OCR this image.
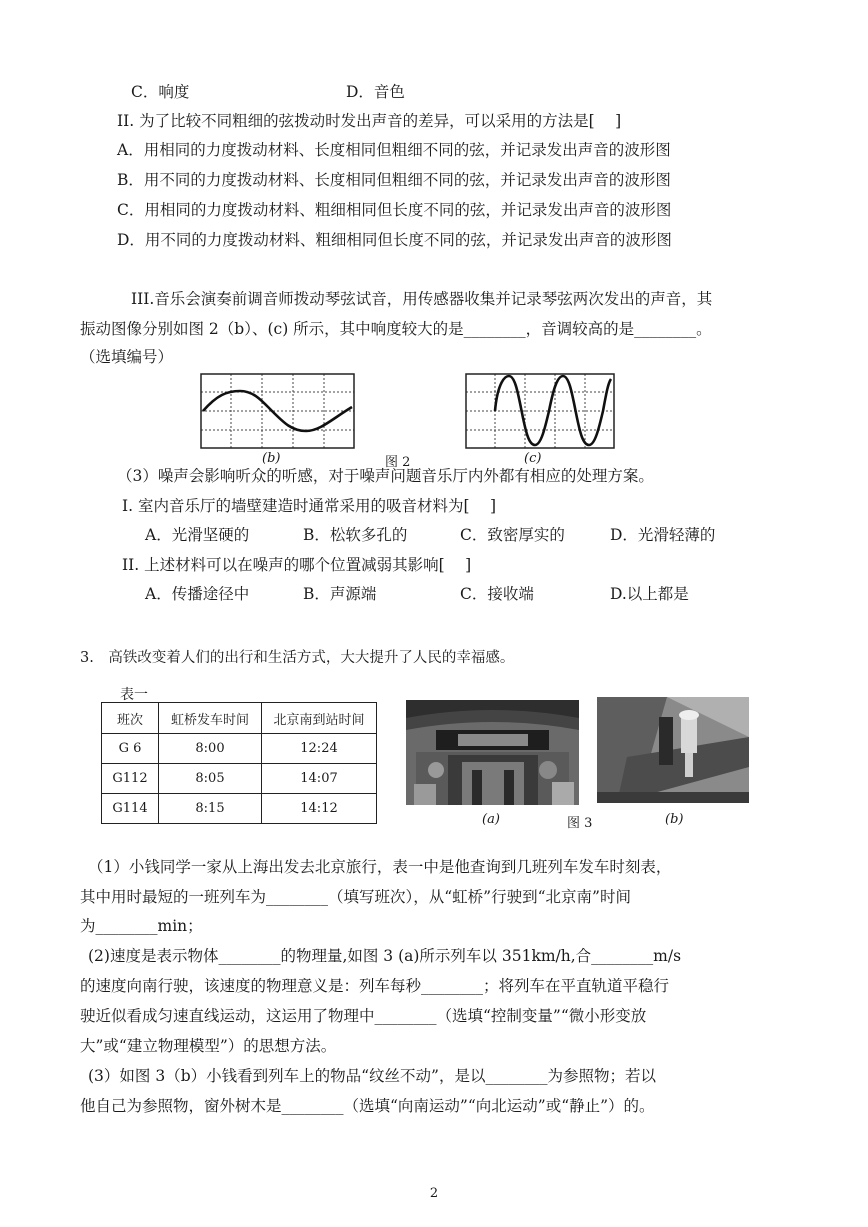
C．响度	D．音色
II. 为了比较不同粗细的弦拨动时发出声音的差异，可以采用的方法是[　 ]
A．用相同的力度拨动材料、长度相同但粗细不同的弦，并记录发出声音的波形图
B．用不同的力度拨动材料、长度相同但粗细不同的弦，并记录发出声音的波形图
C．用相同的力度拨动材料、粗细相同但长度不同的弦，并记录发出声音的波形图
D．用不同的力度拨动材料、粗细相同但长度不同的弦，并记录发出声音的波形图
III.音乐会演奏前调音师拨动琴弦试音，用传感器收集并记录琴弦两次发出的声音，其
振动图像分别如图 2（b）、(c) 所示，其中响度较大的是________，音调较高的是________。
（选填编号）
(b)	图 2	(c)
（3）噪声会影响听众的听感，对于噪声问题音乐厅内外都有相应的处理方案。
I. 室内音乐厅的墙壁建造时通常采用的吸音材料为[　 ]
A．光滑坚硬的	B．松软多孔的	C．致密厚实的	D．光滑轻薄的
II. 上述材料可以在噪声的哪个位置减弱其影响[　 ]
A．传播途径中	B．声源端	C．接收端	D.以上都是
3.　高铁改变着人们的出行和生活方式，大大提升了人民的幸福感。
表一
班次	虹桥发车时间	北京南到站时间
G 6	8:00	12:24
G112	8:05	14:07
G114	8:15	14:12
(a)	图 3	(b)
（1）小钱同学一家从上海出发去北京旅行，表一中是他查询到几班列车发车时刻表，
其中用时最短的一班列车为________（填写班次），从“虹桥”行驶到“北京南”时间
为________min；
(2)速度是表示物体________的物理量,如图 3 (a)所示列车以 351km/h,合________m/s
的速度向南行驶，该速度的物理意义是：列车每秒________；将列车在平直轨道平稳行
驶近似看成匀速直线运动，这运用了物理中________（选填“控制变量”“微小形变放
大”或“建立物理模型”）的思想方法。
(3）如图 3（b）小钱看到列车上的物品“纹丝不动”，是以________为参照物；若以
他自己为参照物，窗外树木是________（选填“向南运动”“向北运动”或“静止”）的。
2
